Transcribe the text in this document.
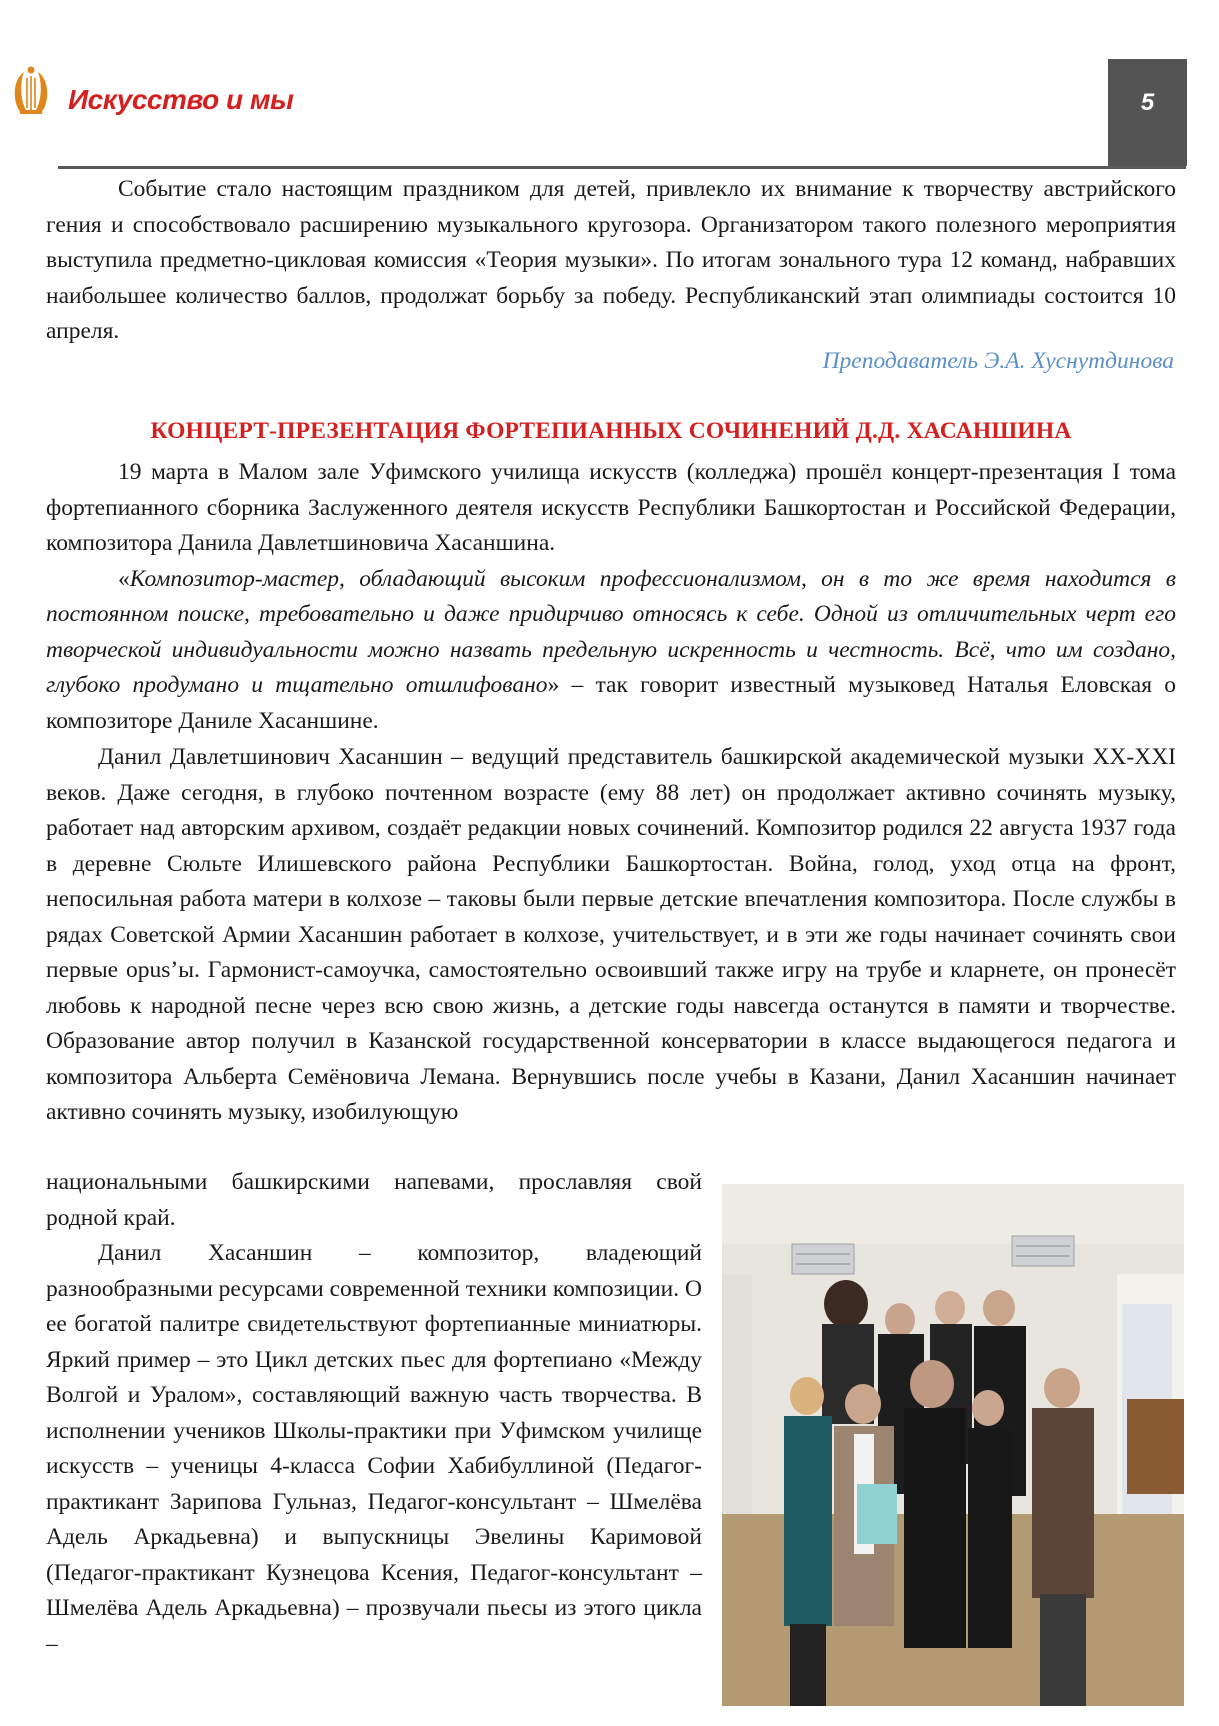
Искусство и мы	5

Событие стало настоящим праздником для детей, привлекло их внимание к творчеству австрийского гения и способствовало расширению музыкального кругозора. Организатором такого полезного мероприятия выступила предметно-цикловая комиссия «Теория музыки». По итогам зонального тура 12 команд, набравших наибольшее количество баллов, продолжат борьбу за победу. Республиканский этап олимпиады состоится 10 апреля.

Преподаватель Э.А. Хуснутдинова
КОНЦЕРТ-ПРЕЗЕНТАЦИЯ ФОРТЕПИАННЫХ СОЧИНЕНИЙ Д.Д. ХАСАНШИНА

19 марта в Малом зале Уфимского училища искусств (колледжа) прошёл концерт-презентация I тома фортепианного сборника Заслуженного деятеля искусств Республики Башкортостан и Российской Федерации, композитора Данила Давлетшиновича Хасаншина.

«Композитор-мастер, обладающий высоким профессионализмом, он в то же время находится в постоянном поиске, требовательно и даже придирчиво относясь к себе. Одной из отличительных черт его творческой индивидуальности можно назвать предельную искренность и честность. Всё, что им создано, глубоко продумано и тщательно отшлифовано» – так говорит известный музыковед Наталья Еловская о композиторе Даниле Хасаншине.

Данил Давлетшинович Хасаншин – ведущий представитель башкирской академической музыки XX-XXI веков. Даже сегодня, в глубоко почтенном возрасте (ему 88 лет) он продолжает активно сочинять музыку, работает над авторским архивом, создаёт редакции новых сочинений. Композитор родился 22 августа 1937 года в деревне Сюльте Илишевского района Республики Башкортостан. Война, голод, уход отца на фронт, непосильная работа матери в колхозе – таковы были первые детские впечатления композитора. После службы в рядах Советской Армии Хасаншин работает в колхозе, учительствует, и в эти же годы начинает сочинять свои первые opus’ы. Гармонист-самоучка, самостоятельно освоивший также игру на трубе и кларнете, он пронесёт любовь к народной песне через всю свою жизнь, а детские годы навсегда останутся в памяти и творчестве. Образование автор получил в Казанской государственной консерватории в классе выдающегося педагога и композитора Альберта Семёновича Лемана. Вернувшись после учебы в Казани, Данил Хасаншин начинает активно сочинять музыку, изобилующую

национальными башкирскими напевами, прославляя свой родной край.

Данил Хасаншин – композитор, владеющий разнообразными ресурсами современной техники композиции. О ее богатой палитре свидетельствуют фортепианные миниатюры. Яркий пример – это Цикл детских пьес для фортепиано «Между Волгой и Уралом», составляющий важную часть творчества. В исполнении учеников Школы-практики при Уфимском училище искусств – ученицы 4-класса Софии Хабибуллиной (Педагог-практикант Зарипова Гульназ, Педагог-консультант – Шмелёва Адель Аркадьевна) и выпускницы Эвелины Каримовой (Педагог-практикант Кузнецова Ксения, Педагог-консультант – Шмелёва Адель Аркадьевна) – прозвучали пьесы из этого цикла –
